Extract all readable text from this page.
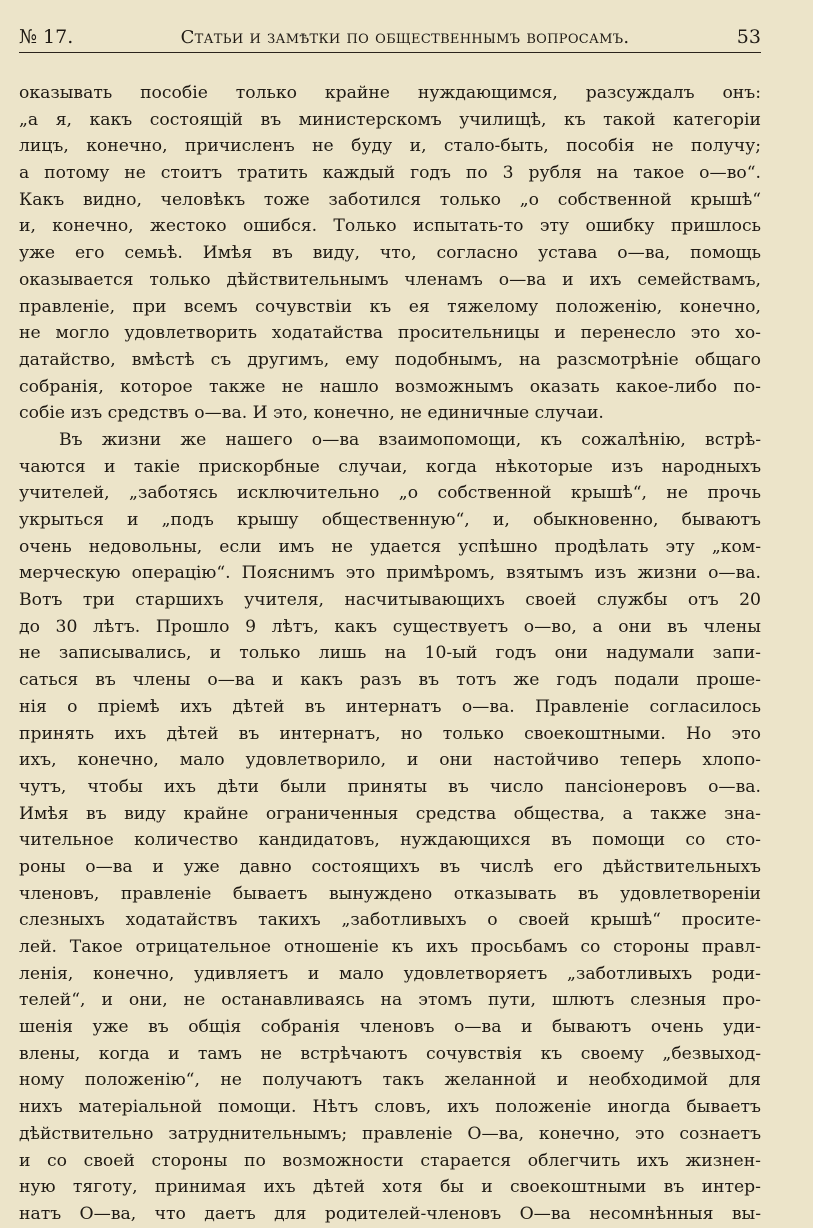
№ 17.	Статьи и замѣтки по общественнымъ вопросамъ.	53
оказывать пособіе только крайне нуждающимся, разсуждалъ онъ:
„а я, какъ состоящій въ министерскомъ училищѣ, къ такой категоріи
лицъ, конечно, причисленъ не буду и, стало-быть, пособія не получу;
а потому не стоитъ тратить каждый годъ по 3 рубля на такое о—во“.
Какъ видно, человѣкъ тоже заботился только „о собственной крышѣ“
и, конечно, жестоко ошибся. Только испытать-то эту ошибку пришлось
уже его семьѣ. Имѣя въ виду, что, согласно устава о—ва, помощь
оказывается только дѣйствительнымъ членамъ о—ва и ихъ семействамъ,
правленіе, при всемъ сочувствіи къ ея тяжелому положенію, конечно,
не могло удовлетворить ходатайства просительницы и перенесло это хо-
датайство, вмѣстѣ съ другимъ, ему подобнымъ, на разсмотрѣніе общаго
собранія, которое также не нашло возможнымъ оказать какое-либо по-
собіе изъ средствъ о—ва. И это, конечно, не единичные случаи.
Въ жизни же нашего о—ва взаимопомощи, къ сожалѣнію, встрѣ-
чаются и такіе прискорбные случаи, когда нѣкоторые изъ народныхъ
учителей, „заботясь исключительно „о собственной крышѣ“, не прочь
укрыться и „подъ крышу общественную“, и, обыкновенно, бываютъ
очень недовольны, если имъ не удается успѣшно продѣлать эту „ком-
мерческую операцію“. Пояснимъ это примѣромъ, взятымъ изъ жизни о—ва.
Вотъ три старшихъ учителя, насчитывающихъ своей службы отъ 20
до 30 лѣтъ. Прошло 9 лѣтъ, какъ существуетъ о—во, а они въ члены
не записывались, и только лишь на 10-ый годъ они надумали запи-
саться въ члены о—ва и какъ разъ въ тотъ же годъ подали проше-
нія о пріемѣ ихъ дѣтей въ интернатъ о—ва. Правленіе согласилось
принять ихъ дѣтей въ интернатъ, но только своекоштными. Но это
ихъ, конечно, мало удовлетворило, и они настойчиво теперь хлопо-
чутъ, чтобы ихъ дѣти были приняты въ число пансіонеровъ о—ва.
Имѣя въ виду крайне ограниченныя средства общества, а также зна-
чительное количество кандидатовъ, нуждающихся въ помощи со сто-
роны о—ва и уже давно состоящихъ въ числѣ его дѣйствительныхъ
членовъ, правленіе бываетъ вынуждено отказывать въ удовлетвореніи
слезныхъ ходатайствъ такихъ „заботливыхъ о своей крышѣ“ просите-
лей. Такое отрицательное отношеніе къ ихъ просьбамъ со стороны правл-
ленія, конечно, удивляетъ и мало удовлетворяетъ „заботливыхъ роди-
телей“, и они, не останавливаясь на этомъ пути, шлютъ слезныя про-
шенія уже въ общія собранія членовъ о—ва и бываютъ очень уди-
влены, когда и тамъ не встрѣчаютъ сочувствія къ своему „безвыход-
ному положенію“, не получаютъ такъ желанной и необходимой для
нихъ матеріальной помощи. Нѣтъ словъ, ихъ положеніе иногда бываетъ
дѣйствительно затруднительнымъ; правленіе О—ва, конечно, это сознаетъ
и со своей стороны по возможности старается облегчить ихъ жизнен-
ную тяготу, принимая ихъ дѣтей хотя бы и своекоштными въ интер-
натъ О—ва, что даетъ для родителей-членовъ О—ва несомнѣнныя вы-
